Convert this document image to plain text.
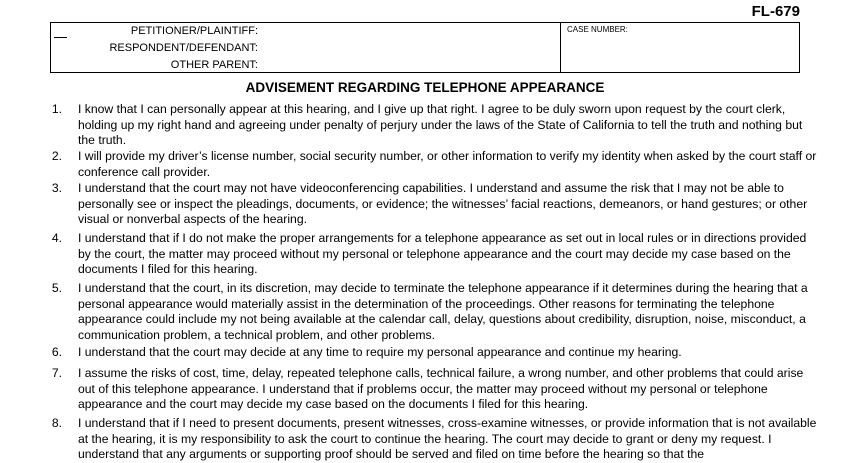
FL-679
PETITIONER/PLAINTIFF:
RESPONDENT/DEFENDANT:
OTHER PARENT:
CASE NUMBER:
ADVISEMENT REGARDING TELEPHONE APPEARANCE
1.	I know that I can personally appear at this hearing, and I give up that right. I agree to be duly sworn upon request by the court clerk, holding up my right hand and agreeing under penalty of perjury under the laws of the State of California to tell the truth and nothing but the truth.
2.	I will provide my driver’s license number, social security number, or other information to verify my identity when asked by the court staff or conference call provider.
3.	I understand that the court may not have videoconferencing capabilities. I understand and assume the risk that I may not be able to personally see or inspect the pleadings, documents, or evidence; the witnesses’ facial reactions, demeanors, or hand gestures; or other visual or nonverbal aspects of the hearing.
4.	I understand that if I do not make the proper arrangements for a telephone appearance as set out in local rules or in directions provided by the court, the matter may proceed without my personal or telephone appearance and the court may decide my case based on the documents I filed for this hearing.
5.	I understand that the court, in its discretion, may decide to terminate the telephone appearance if it determines during the hearing that a personal appearance would materially assist in the determination of the proceedings. Other reasons for terminating the telephone appearance could include my not being available at the calendar call, delay, questions about credibility, disruption, noise, misconduct, a communication problem, a technical problem, and other problems.
6.	I understand that the court may decide at any time to require my personal appearance and continue my hearing.
7.	I assume the risks of cost, time, delay, repeated telephone calls, technical failure, a wrong number, and other problems that could arise out of this telephone appearance. I understand that if problems occur, the matter may proceed without my personal or telephone appearance and the court may decide my case based on the documents I filed for this hearing.
8.	I understand that if I need to present documents, present witnesses, cross-examine witnesses, or provide information that is not available at the hearing, it is my responsibility to ask the court to continue the hearing. The court may decide to grant or deny my request. I understand that any arguments or supporting proof should be served and filed on time before the hearing so that the
